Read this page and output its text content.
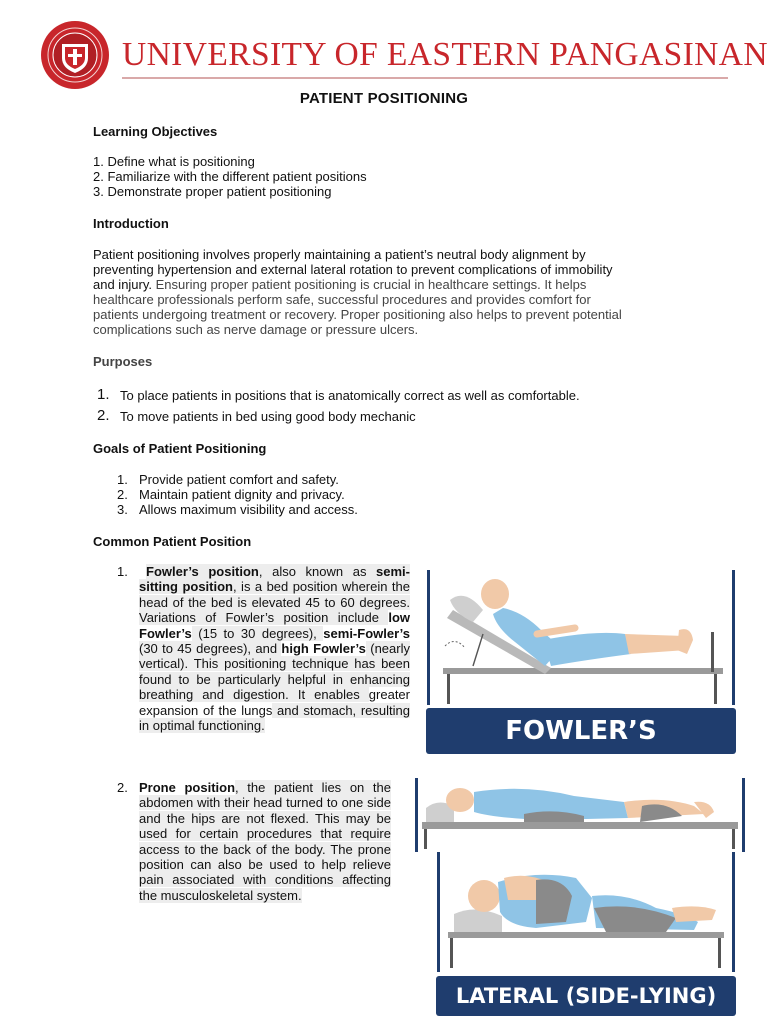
UNIVERSITY OF EASTERN PANGASINAN
PATIENT POSITIONING
Learning Objectives
1. Define what is positioning
2. Familiarize with the different patient positions
3. Demonstrate proper patient positioning
Introduction
Patient positioning involves properly maintaining a patient’s neutral body alignment by
preventing hypertension and external lateral rotation to prevent complications of immobility
and injury. Ensuring proper patient positioning is crucial in healthcare settings. It helps
healthcare professionals perform safe, successful procedures and provides comfort for
patients undergoing treatment or recovery. Proper positioning also helps to prevent potential
complications such as nerve damage or pressure ulcers.
Purposes
1. To place patients in positions that is anatomically correct as well as comfortable.
2. To move patients in bed using good body mechanic
Goals of Patient Positioning
1. Provide patient comfort and safety.
2. Maintain patient dignity and privacy.
3. Allows maximum visibility and access.
Common Patient Position
1.	Fowler’s position, also known as semi-sitting position, is a bed position wherein the head of the bed is elevated 45 to 60 degrees. Variations of Fowler’s position include low Fowler’s (15 to 30 degrees), semi-Fowler’s (30 to 45 degrees), and high Fowler’s (nearly vertical). This positioning technique has been found to be particularly helpful in enhancing breathing and digestion. It enables greater expansion of the lungs and stomach, resulting in optimal functioning.
2. Prone position, the patient lies on the abdomen with their head turned to one side and the hips are not flexed. This may be used for certain procedures that require access to the back of the body. The prone position can also be used to help relieve pain associated with conditions affecting the musculoskeletal system.
FOWLER’S
LATERAL (SIDE-LYING)
